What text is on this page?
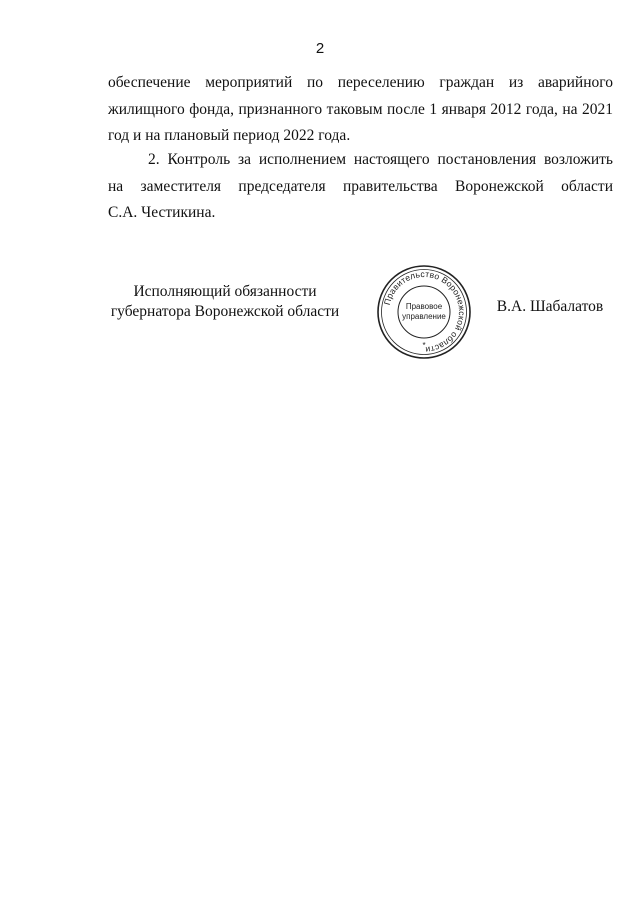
2
обеспечение мероприятий по переселению граждан из аварийного
жилищного фонда, признанного таковым после 1 января 2012 года, на 2021
год и на плановый период 2022 года.
2. Контроль за исполнением настоящего постановления возложить
на заместителя председателя правительства Воронежской области
С.А. Честикина.
Исполняющий обязанности
губернатора Воронежской области
Правительство Воронежской области
Правовое
управление
*
В.А. Шабалатов
